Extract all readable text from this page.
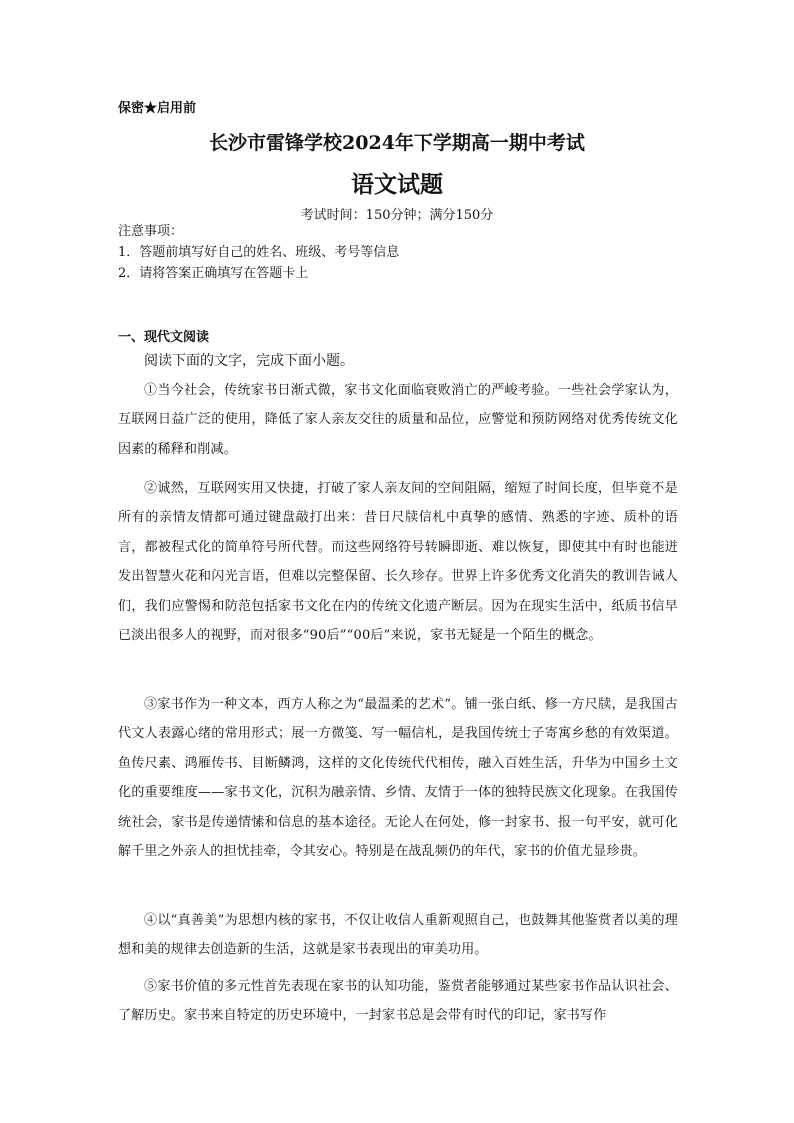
保密★启用前

长沙市雷锋学校2024年下学期高一期中考试
语文试题

考试时间：150分钟；满分150分

注意事项：
1．答题前填写好自己的姓名、班级、考号等信息
2．请将答案正确填写在答题卡上

一、现代文阅读

阅读下面的文字，完成下面小题。

①当今社会，传统家书日渐式微，家书文化面临衰败消亡的严峻考验。一些社会学家认为，互联网日益广泛的使用，降低了家人亲友交往的质量和品位，应警觉和预防网络对优秀传统文化因素的稀释和削减。

②诚然，互联网实用又快捷，打破了家人亲友间的空间阻隔，缩短了时间长度，但毕竟不是所有的亲情友情都可通过键盘敲打出来：昔日尺牍信札中真挚的感情、熟悉的字迹、质朴的语言，都被程式化的简单符号所代替。而这些网络符号转瞬即逝、难以恢复，即使其中有时也能迸发出智慧火花和闪光言语，但难以完整保留、长久珍存。世界上许多优秀文化消失的教训告诫人们，我们应警惕和防范包括家书文化在内的传统文化遗产断层。因为在现实生活中，纸质书信早已淡出很多人的视野，而对很多“90后”“00后”来说，家书无疑是一个陌生的概念。

③家书作为一种文本，西方人称之为“最温柔的艺术”。铺一张白纸、修一方尺牍，是我国古代文人表露心绪的常用形式；展一方微笺、写一幅信札，是我国传统士子寄寓乡愁的有效渠道。鱼传尺素、鸿雁传书、目断鳞鸿，这样的文化传统代代相传，融入百姓生活，升华为中国乡土文化的重要维度——家书文化，沉积为融亲情、乡情、友情于一体的独特民族文化现象。在我国传统社会，家书是传递情愫和信息的基本途径。无论人在何处，修一封家书、报一句平安，就可化解千里之外亲人的担忧挂牵，令其安心。特别是在战乱频仍的年代，家书的价值尤显珍贵。

④以“真善美”为思想内核的家书，不仅让收信人重新观照自己，也鼓舞其他鉴赏者以美的理想和美的规律去创造新的生活，这就是家书表现出的审美功用。

⑤家书价值的多元性首先表现在家书的认知功能，鉴赏者能够通过某些家书作品认识社会、了解历史。家书来自特定的历史环境中，一封家书总是会带有时代的印记，家书写作
